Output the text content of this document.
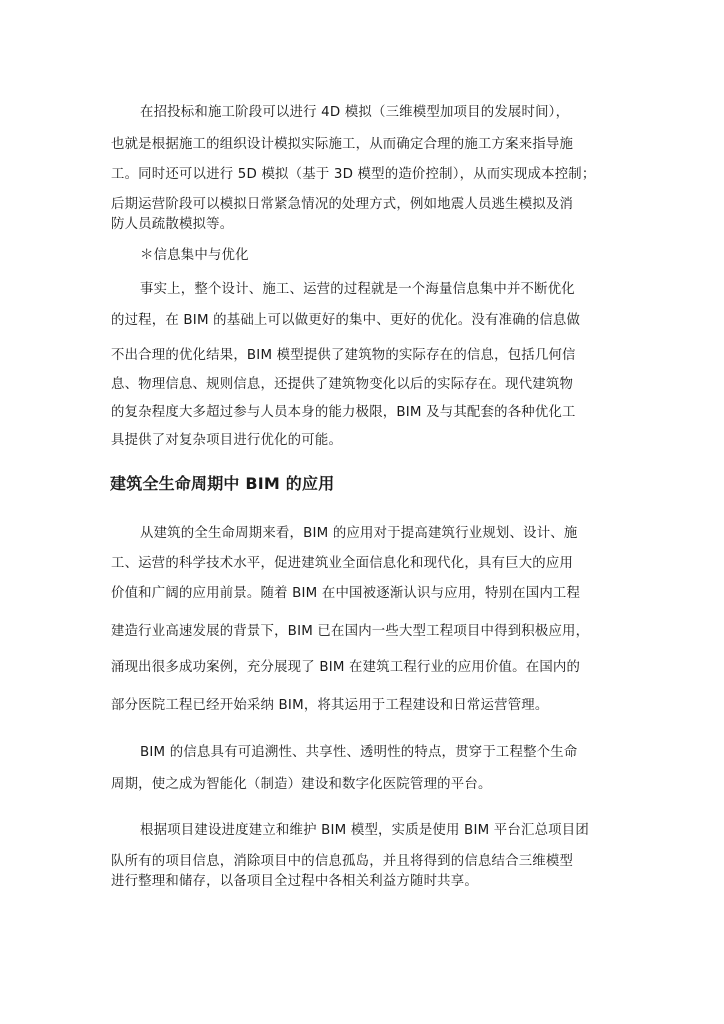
在招投标和施工阶段可以进行 4D 模拟（三维模型加项目的发展时间），
也就是根据施工的组织设计模拟实际施工，从而确定合理的施工方案来指导施
工。同时还可以进行 5D 模拟（基于 3D 模型的造价控制），从而实现成本控制；
后期运营阶段可以模拟日常紧急情况的处理方式，例如地震人员逃生模拟及消
防人员疏散模拟等。
＊信息集中与优化
事实上，整个设计、施工、运营的过程就是一个海量信息集中并不断优化
的过程，在 BIM 的基础上可以做更好的集中、更好的优化。没有准确的信息做
不出合理的优化结果，BIM 模型提供了建筑物的实际存在的信息，包括几何信
息、物理信息、规则信息，还提供了建筑物变化以后的实际存在。现代建筑物
的复杂程度大多超过参与人员本身的能力极限，BIM 及与其配套的各种优化工
具提供了对复杂项目进行优化的可能。
建筑全生命周期中 BIM 的应用
从建筑的全生命周期来看，BIM 的应用对于提高建筑行业规划、设计、施
工、运营的科学技术水平，促进建筑业全面信息化和现代化，具有巨大的应用
价值和广阔的应用前景。随着 BIM 在中国被逐渐认识与应用，特别在国内工程
建造行业高速发展的背景下，BIM 已在国内一些大型工程项目中得到积极应用，
涌现出很多成功案例，充分展现了 BIM 在建筑工程行业的应用价值。在国内的
部分医院工程已经开始采纳 BIM，将其运用于工程建设和日常运营管理。
BIM 的信息具有可追溯性、共享性、透明性的特点，贯穿于工程整个生命
周期，使之成为智能化（制造）建设和数字化医院管理的平台。
根据项目建设进度建立和维护 BIM 模型，实质是使用 BIM 平台汇总项目团
队所有的项目信息，消除项目中的信息孤岛，并且将得到的信息结合三维模型
进行整理和储存，以备项目全过程中各相关利益方随时共享。
